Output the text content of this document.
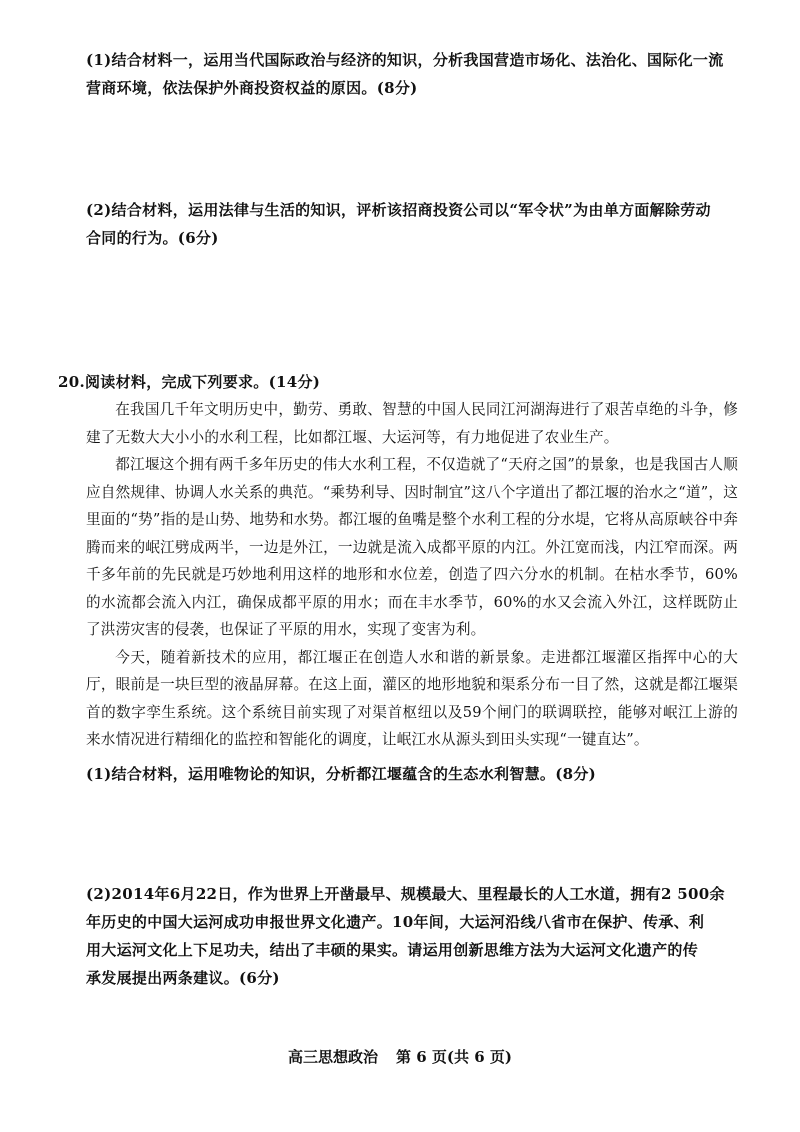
(1)结合材料一，运用当代国际政治与经济的知识，分析我国营造市场化、法治化、国际化一流
营商环境，依法保护外商投资权益的原因。(8分)
(2)结合材料，运用法律与生活的知识，评析该招商投资公司以“军令状”为由单方面解除劳动
合同的行为。(6分)
20.阅读材料，完成下列要求。(14分)

在我国几千年文明历史中，勤劳、勇敢、智慧的中国人民同江河湖海进行了艰苦卓绝的斗争，修建了无数大大小小的水利工程，比如都江堰、大运河等，有力地促进了农业生产。

都江堰这个拥有两千多年历史的伟大水利工程，不仅造就了“天府之国”的景象，也是我国古人顺应自然规律、协调人水关系的典范。“乘势利导、因时制宜”这八个字道出了都江堰的治水之“道”，这里面的“势”指的是山势、地势和水势。都江堰的鱼嘴是整个水利工程的分水堤，它将从高原峡谷中奔腾而来的岷江劈成两半，一边是外江，一边就是流入成都平原的内江。外江宽而浅，内江窄而深。两千多年前的先民就是巧妙地利用这样的地形和水位差，创造了四六分水的机制。在枯水季节，60%的水流都会流入内江，确保成都平原的用水；而在丰水季节，60%的水又会流入外江，这样既防止了洪涝灾害的侵袭，也保证了平原的用水，实现了变害为利。

今天，随着新技术的应用，都江堰正在创造人水和谐的新景象。走进都江堰灌区指挥中心的大厅，眼前是一块巨型的液晶屏幕。在这上面，灌区的地形地貌和渠系分布一目了然，这就是都江堰渠首的数字孪生系统。这个系统目前实现了对渠首枢纽以及59个闸门的联调联控，能够对岷江上游的来水情况进行精细化的监控和智能化的调度，让岷江水从源头到田头实现“一键直达”。

(1)结合材料，运用唯物论的知识，分析都江堰蕴含的生态水利智慧。(8分)
(2)2014年6月22日，作为世界上开凿最早、规模最大、里程最长的人工水道，拥有2 500余
年历史的中国大运河成功申报世界文化遗产。10年间，大运河沿线八省市在保护、传承、利
用大运河文化上下足功夫，结出了丰硕的果实。请运用创新思维方法为大运河文化遗产的传
承发展提出两条建议。(6分)
高三思想政治 第 6 页(共 6 页)
